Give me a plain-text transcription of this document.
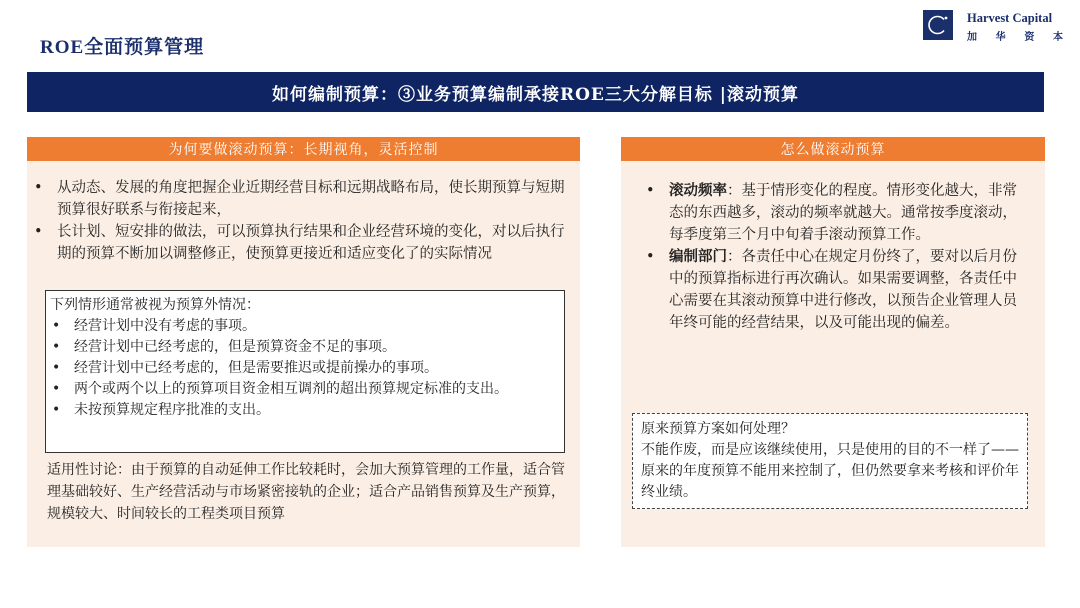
ROE全面预算管理
Harvest Capital
加 华 资 本
如何编制预算：③业务预算编制承接ROE三大分解目标 |滚动预算
为何要做滚动预算：长期视角，灵活控制
• 从动态、发展的角度把握企业近期经营目标和远期战略布局，使长期预算与短期预算很好联系与衔接起来，
• 长计划、短安排的做法，可以预算执行结果和企业经营环境的变化，对以后执行期的预算不断加以调整修正，使预算更接近和适应变化了的实际情况
下列情形通常被视为预算外情况：
• 经营计划中没有考虑的事项。
• 经营计划中已经考虑的，但是预算资金不足的事项。
• 经营计划中已经考虑的，但是需要推迟或提前操办的事项。
• 两个或两个以上的预算项目资金相互调剂的超出预算规定标准的支出。
• 未按预算规定程序批准的支出。
适用性讨论：由于预算的自动延伸工作比较耗时，会加大预算管理的工作量，适合管理基础较好、生产经营活动与市场紧密接轨的企业；适合产品销售预算及生产预算，规模较大、时间较长的工程类项目预算
怎么做滚动预算
• 滚动频率：基于情形变化的程度。情形变化越大，非常态的东西越多，滚动的频率就越大。通常按季度滚动，每季度第三个月中旬着手滚动预算工作。
• 编制部门：各责任中心在规定月份终了，要对以后月份中的预算指标进行再次确认。如果需要调整，各责任中心需要在其滚动预算中进行修改，以预告企业管理人员年终可能的经营结果，以及可能出现的偏差。
原来预算方案如何处理？
不能作废，而是应该继续使用，只是使用的目的不一样了——原来的年度预算不能用来控制了，但仍然要拿来考核和评价年终业绩。
